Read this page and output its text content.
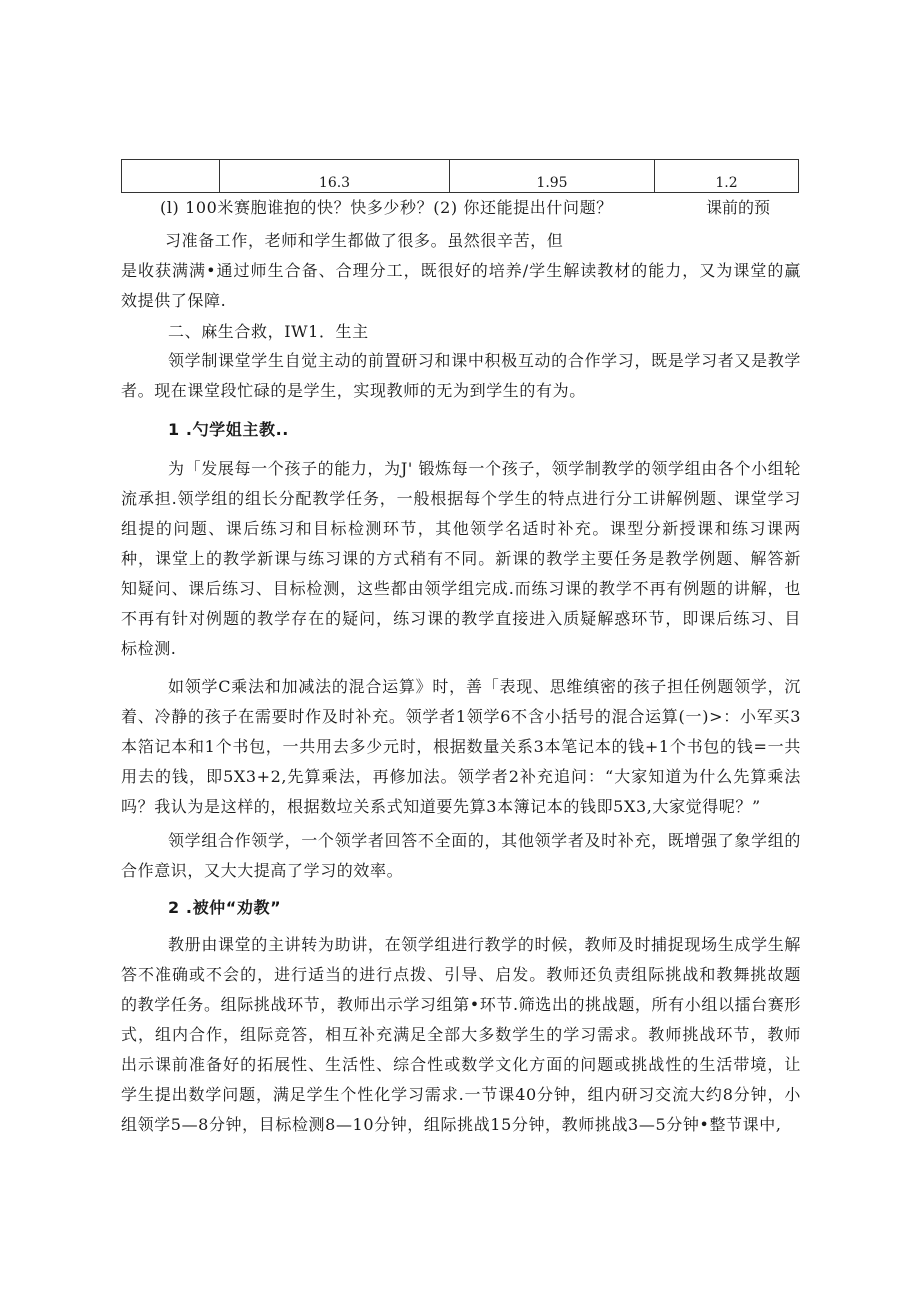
	16.3	1.95	1.2
(l) 100米赛胞谁抱的快？快多少秒？(2) 你还能提出什问题？	课前的预
习准备工作，老师和学生都做了很多。虽然很辛苦，但
是收获满满•通过师生合备、合理分工，既很好的培养/学生解读教材的能力，又为课堂的赢效提供了保障.
二、麻生合救，IW1．生主
领学制课堂学生自觉主动的前置研习和课中积极互动的合作学习，既是学习者又是教学者。现在课堂段忙碌的是学生，实现教师的无为到学生的有为。
1 .勺学姐主教..
为「发展每一个孩子的能力，为J' 锻炼每一个孩子，领学制教学的领学组由各个小组轮流承担.领学组的组长分配教学任务，一般根据每个学生的特点进行分工讲解例题、课堂学习组提的问题、课后练习和目标检测环节，其他领学名适时补充。课型分新授课和练习课两种，课堂上的教学新课与练习课的方式稍有不同。新课的教学主要任务是教学例题、解答新知疑问、课后练习、目标检测，这些都由领学组完成.而练习课的教学不再有例题的讲解，也不再有针对例题的教学存在的疑问，练习课的教学直接进入质疑解惑环节，即课后练习、目标检测.
如领学C乘法和加减法的混合运算》时，善「表现、思维缜密的孩子担任例题领学，沉着、冷静的孩子在需要时作及时补充。领学者1领学6不含小括号的混合运算(一)>：小军买3本箔记本和1个书包，一共用去多少元时，根据数量关系3本笔记本的钱+1个书包的钱=一共用去的钱，即5X3+2,先算乘法，再修加法。领学者2补充追问：“大家知道为什么先算乘法吗？我认为是这样的，根据数垃关系式知道要先算3本簿记本的钱即5X3,大家觉得呢？”
领学组合作领学，一个领学者回答不全面的，其他领学者及时补充，既增强了象学组的合作意识，又大大提高了学习的效率。
2 .被仲“劝教”
教册由课堂的主讲转为助讲，在领学组进行教学的时候，教师及时捕捉现场生成学生解答不准确或不会的，进行适当的进行点拨、引导、启发。教师还负责组际挑战和教舞挑故题的教学任务。组际挑战环节，教师出示学习组第•环节.筛选出的挑战题，所有小组以擂台赛形式，组内合作，组际竞答，相互补充满足全部大多数学生的学习需求。教师挑战环节，教师出示课前准备好的拓展性、生活性、综合性或数学文化方面的问题或挑战性的生活带境，让学生提出数学问题，满足学生个性化学习需求.一节课40分钟，组内研习交流大约8分钟，小组领学5—8分钟，目标检测8—10分钟，组际挑战15分钟，教师挑战3—5分钟•整节课中,
